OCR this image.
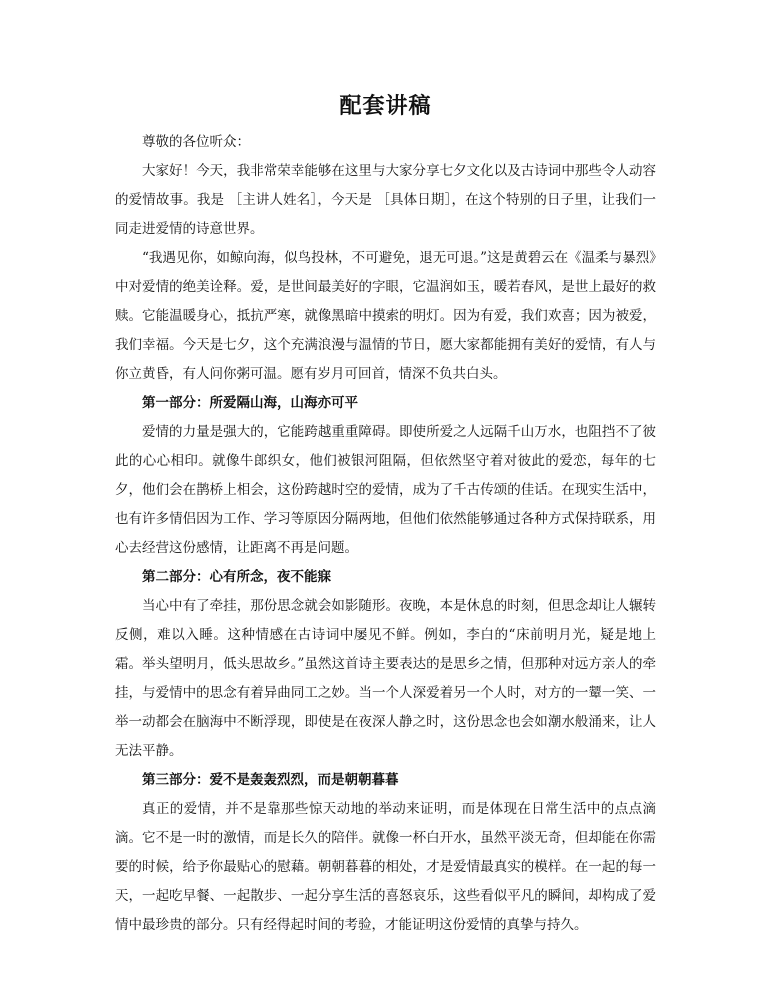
配套讲稿

尊敬的各位听众：

大家好！今天，我非常荣幸能够在这里与大家分享七夕文化以及古诗词中那些令人动容的爱情故事。我是 ［主讲人姓名］，今天是 ［具体日期］，在这个特别的日子里，让我们一同走进爱情的诗意世界。

“我遇见你，如鲸向海，似鸟投林，不可避免，退无可退。”这是黄碧云在《温柔与暴烈》中对爱情的绝美诠释。爱，是世间最美好的字眼，它温润如玉，暖若春风，是世上最好的救赎。它能温暖身心，抵抗严寒，就像黑暗中摸索的明灯。因为有爱，我们欢喜；因为被爱，我们幸福。今天是七夕，这个充满浪漫与温情的节日，愿大家都能拥有美好的爱情，有人与你立黄昏，有人问你粥可温。愿有岁月可回首，情深不负共白头。

第一部分：所爱隔山海，山海亦可平

爱情的力量是强大的，它能跨越重重障碍。即使所爱之人远隔千山万水，也阻挡不了彼此的心心相印。就像牛郎织女，他们被银河阻隔，但依然坚守着对彼此的爱恋，每年的七夕，他们会在鹊桥上相会，这份跨越时空的爱情，成为了千古传颂的佳话。在现实生活中，也有许多情侣因为工作、学习等原因分隔两地，但他们依然能够通过各种方式保持联系，用心去经营这份感情，让距离不再是问题。

第二部分：心有所念，夜不能寐

当心中有了牵挂，那份思念就会如影随形。夜晚，本是休息的时刻，但思念却让人辗转反侧，难以入睡。这种情感在古诗词中屡见不鲜。例如，李白的“床前明月光，疑是地上霜。举头望明月，低头思故乡。”虽然这首诗主要表达的是思乡之情，但那种对远方亲人的牵挂，与爱情中的思念有着异曲同工之妙。当一个人深爱着另一个人时，对方的一颦一笑、一举一动都会在脑海中不断浮现，即使是在夜深人静之时，这份思念也会如潮水般涌来，让人无法平静。

第三部分：爱不是轰轰烈烈，而是朝朝暮暮

真正的爱情，并不是靠那些惊天动地的举动来证明，而是体现在日常生活中的点点滴滴。它不是一时的激情，而是长久的陪伴。就像一杯白开水，虽然平淡无奇，但却能在你需要的时候，给予你最贴心的慰藉。朝朝暮暮的相处，才是爱情最真实的模样。在一起的每一天，一起吃早餐、一起散步、一起分享生活的喜怒哀乐，这些看似平凡的瞬间，却构成了爱情中最珍贵的部分。只有经得起时间的考验，才能证明这份爱情的真挚与持久。
